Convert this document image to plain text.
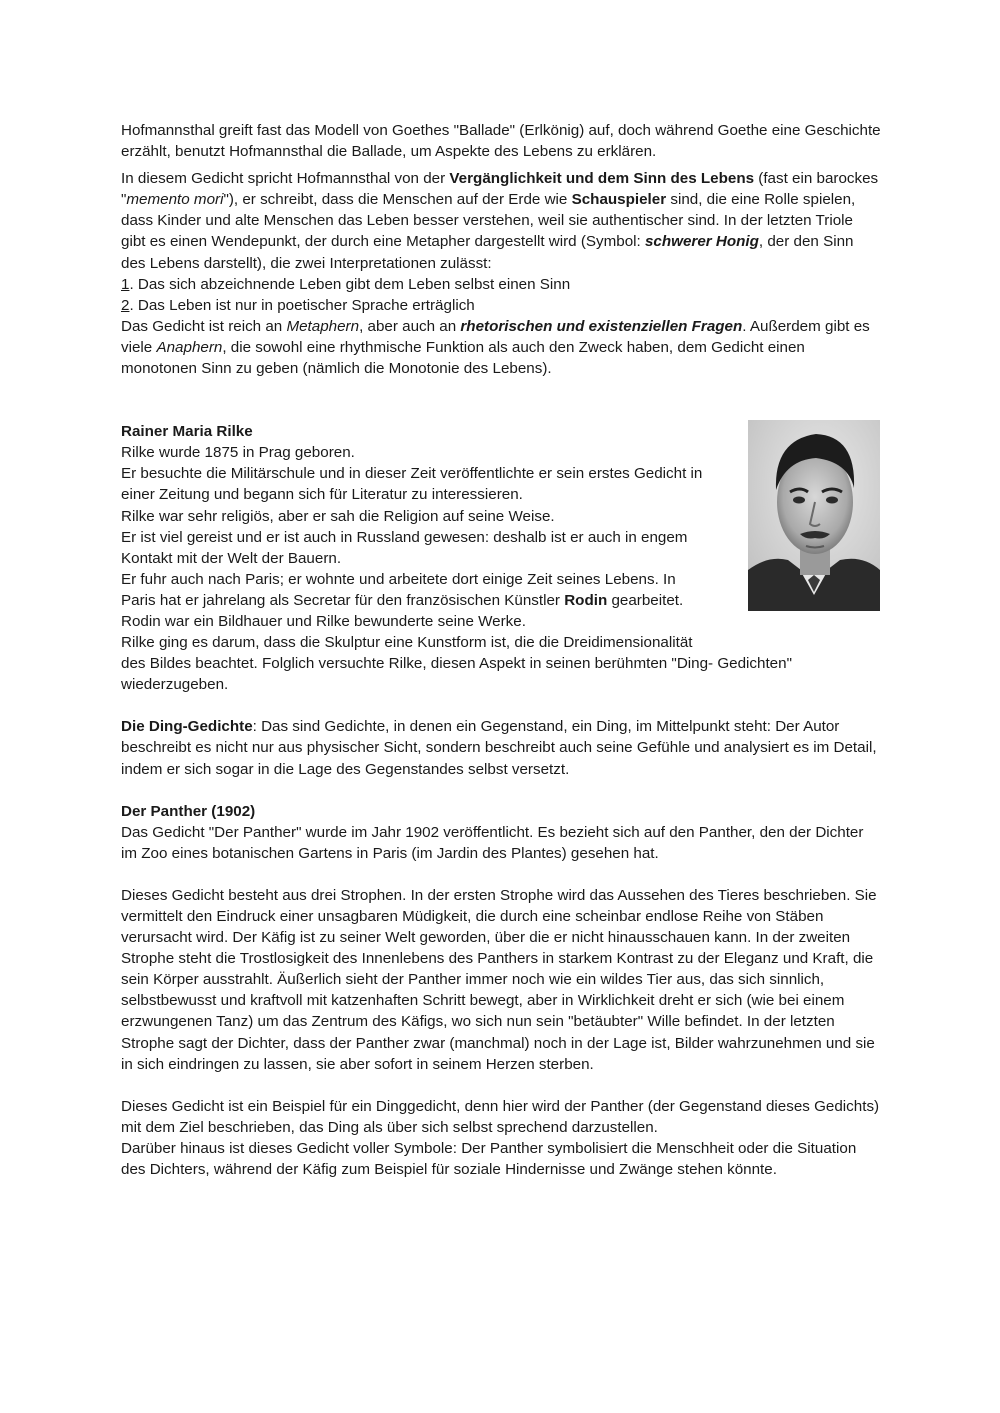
Hofmannsthal greift fast das Modell von Goethes "Ballade" (Erlkönig) auf, doch während Goethe eine Geschichte erzählt, benutzt Hofmannsthal die Ballade, um Aspekte des Lebens zu erklären.

In diesem Gedicht spricht Hofmannsthal von der Vergänglichkeit und dem Sinn des Lebens (fast ein barockes "memento mori"), er schreibt, dass die Menschen auf der Erde wie Schauspieler sind, die eine Rolle spielen, dass Kinder und alte Menschen das Leben besser verstehen, weil sie authentischer sind. In der letzten Triole gibt es einen Wendepunkt, der durch eine Metapher dargestellt wird (Symbol: schwerer Honig, der den Sinn des Lebens darstellt), die zwei Interpretationen zulässt:

1. Das sich abzeichnende Leben gibt dem Leben selbst einen Sinn

2. Das Leben ist nur in poetischer Sprache erträglich

Das Gedicht ist reich an Metaphern, aber auch an rhetorischen und existenziellen Fragen. Außerdem gibt es viele Anaphern, die sowohl eine rhythmische Funktion als auch den Zweck haben, dem Gedicht einen monotonen Sinn zu geben (nämlich die Monotonie des Lebens).

Rainer Maria Rilke

Rilke wurde 1875 in Prag geboren.

Er besuchte die Militärschule und in dieser Zeit veröffentlichte er sein erstes Gedicht in

einer Zeitung und begann sich für Literatur zu interessieren.

Rilke war sehr religiös, aber er sah die Religion auf seine Weise.

Er ist viel gereist und er ist auch in Russland gewesen: deshalb ist er auch in engem

Kontakt mit der Welt der Bauern.

Er fuhr auch nach Paris; er wohnte und arbeitete dort einige Zeit seines Lebens. In

Paris hat er jahrelang als Secretar für den französischen Künstler Rodin gearbeitet.

Rodin war ein Bildhauer und Rilke bewunderte seine Werke.

Rilke ging es darum, dass die Skulptur eine Kunstform ist, die die Dreidimensionalität

des Bildes beachtet. Folglich versuchte Rilke, diesen Aspekt in seinen berühmten "Ding- Gedichten"

wiederzugeben.

Die Ding-Gedichte: Das sind Gedichte, in denen ein Gegenstand, ein Ding, im Mittelpunkt steht: Der Autor beschreibt es nicht nur aus physischer Sicht, sondern beschreibt auch seine Gefühle und analysiert es im Detail, indem er sich sogar in die Lage des Gegenstandes selbst versetzt.

Der Panther (1902)

Das Gedicht "Der Panther" wurde im Jahr 1902 veröffentlicht. Es bezieht sich auf den Panther, den der Dichter im Zoo eines botanischen Gartens in Paris (im Jardin des Plantes) gesehen hat.

Dieses Gedicht besteht aus drei Strophen. In der ersten Strophe wird das Aussehen des Tieres beschrieben. Sie vermittelt den Eindruck einer unsagbaren Müdigkeit, die durch eine scheinbar endlose Reihe von Stäben verursacht wird. Der Käfig ist zu seiner Welt geworden, über die er nicht hinausschauen kann. In der zweiten Strophe steht die Trostlosigkeit des Innenlebens des Panthers in starkem Kontrast zu der Eleganz und Kraft, die sein Körper ausstrahlt. Äußerlich sieht der Panther immer noch wie ein wildes Tier aus, das sich sinnlich, selbstbewusst und kraftvoll mit katzenhaften Schritt bewegt, aber in Wirklichkeit dreht er sich (wie bei einem erzwungenen Tanz) um das Zentrum des Käfigs, wo sich nun sein "betäubter" Wille befindet. In der letzten Strophe sagt der Dichter, dass der Panther zwar (manchmal) noch in der Lage ist, Bilder wahrzunehmen und sie in sich eindringen zu lassen, sie aber sofort in seinem Herzen sterben.

Dieses Gedicht ist ein Beispiel für ein Dinggedicht, denn hier wird der Panther (der Gegenstand dieses Gedichts) mit dem Ziel beschrieben, das Ding als über sich selbst sprechend darzustellen.

Darüber hinaus ist dieses Gedicht voller Symbole: Der Panther symbolisiert die Menschheit oder die Situation des Dichters, während der Käfig zum Beispiel für soziale Hindernisse und Zwänge stehen könnte.
